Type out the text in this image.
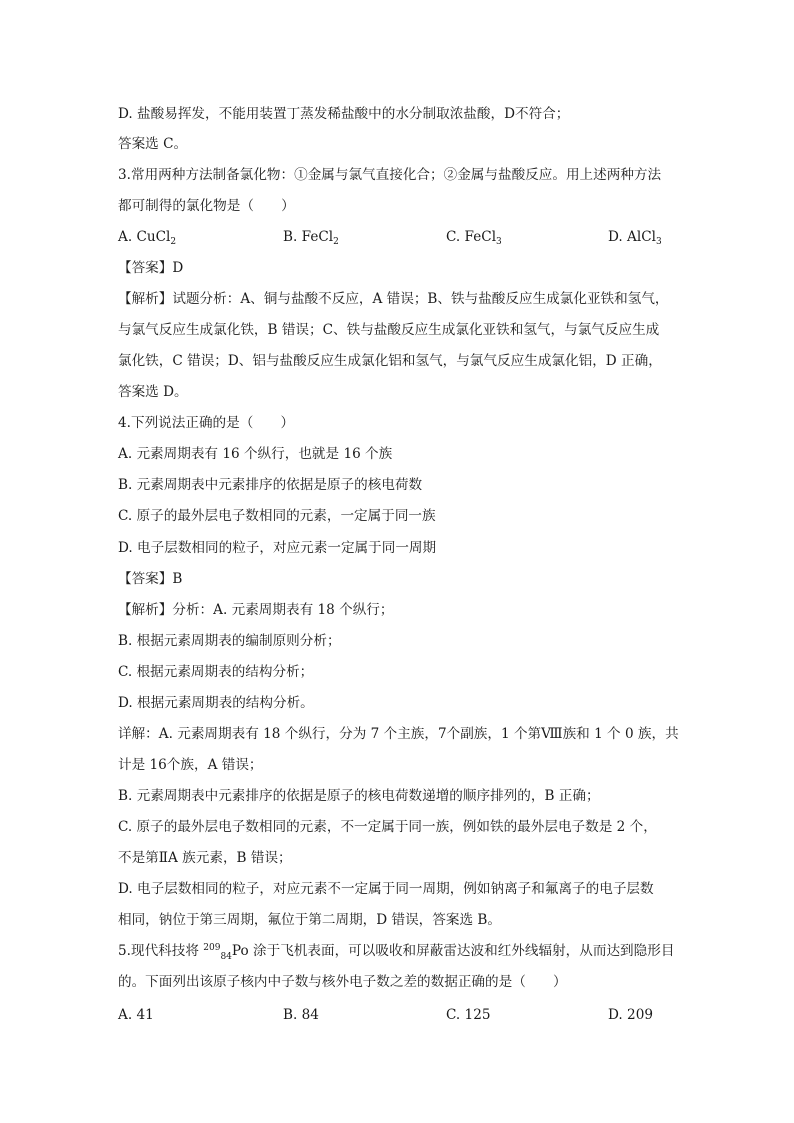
D. 盐酸易挥发，不能用装置丁蒸发稀盐酸中的水分制取浓盐酸，D不符合；
答案选 C。
3.常用两种方法制备氯化物：①金属与氯气直接化合；②金属与盐酸反应。用上述两种方法
都可制得的氯化物是（　　）
A. CuCl$_2$	B. FeCl$_2$	C. FeCl$_3$	D. AlCl$_3$
【答案】D
【解析】试题分析：A、铜与盐酸不反应，A 错误；B、铁与盐酸反应生成氯化亚铁和氢气，
与氯气反应生成氯化铁，B 错误；C、铁与盐酸反应生成氯化亚铁和氢气，与氯气反应生成
氯化铁，C 错误；D、铝与盐酸反应生成氯化铝和氢气，与氯气反应生成氯化铝，D 正确，
答案选 D。
4.下列说法正确的是（　　）
A. 元素周期表有 16 个纵行，也就是 16 个族
B. 元素周期表中元素排序的依据是原子的核电荷数
C. 原子的最外层电子数相同的元素，一定属于同一族
D. 电子层数相同的粒子，对应元素一定属于同一周期
【答案】B
【解析】分析：A. 元素周期表有 18 个纵行；
B. 根据元素周期表的编制原则分析；
C. 根据元素周期表的结构分析；
D. 根据元素周期表的结构分析。
详解：A. 元素周期表有 18 个纵行，分为 7 个主族，7个副族，1 个第Ⅷ族和 1 个 0 族，共
计是 16个族，A 错误；
B. 元素周期表中元素排序的依据是原子的核电荷数递增的顺序排列的，B 正确；
C. 原子的最外层电子数相同的元素，不一定属于同一族，例如铁的最外层电子数是 2 个，
不是第ⅡA 族元素，B 错误；
D. 电子层数相同的粒子，对应元素不一定属于同一周期，例如钠离子和氟离子的电子层数
相同，钠位于第三周期，氟位于第二周期，D 错误，答案选 B。
5.现代科技将 $^{209}_{84}$Po 涂于飞机表面，可以吸收和屏蔽雷达波和红外线辐射，从而达到隐形目
的。下面列出该原子核内中子数与核外电子数之差的数据正确的是（　　）
A. 41	B. 84	C. 125	D. 209
